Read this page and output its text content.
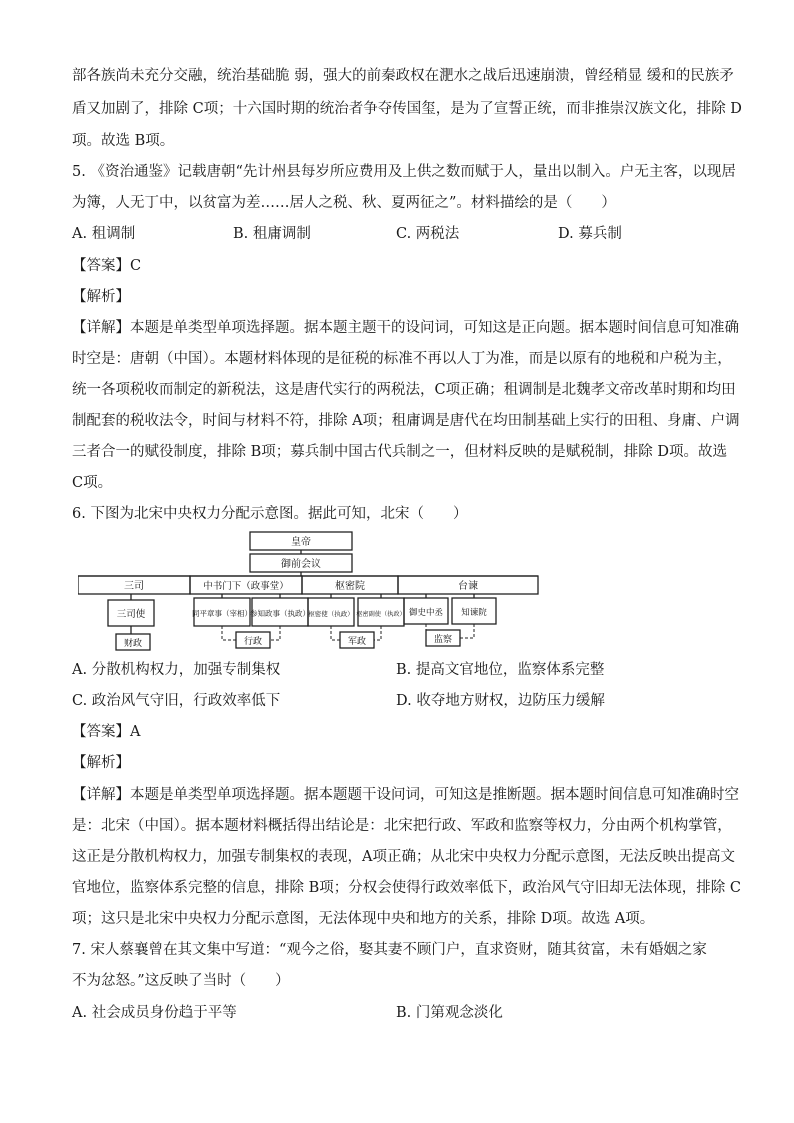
部各族尚未充分交融，统治基础脆 弱，强大的前秦政权在淝水之战后迅速崩溃，曾经稍显 缓和的民族矛
盾又加剧了，排除 C项；十六国时期的统治者争夺传国玺，是为了宣誓正统，而非推崇汉族文化，排除 D
项。故选 B项。
5. 《资治通鉴》记载唐朝“先计州县每岁所应费用及上供之数而赋于人，量出以制入。户无主客，以现居
为簿，人无丁中，以贫富为差……居人之税、秋、夏两征之”。材料描绘的是（　　）
A. 租调制	B. 租庸调制	C. 两税法	D. 募兵制
【答案】C
【解析】
【详解】本题是单类型单项选择题。据本题主题干的设问词，可知这是正向题。据本题时间信息可知准确
时空是：唐朝（中国）。本题材料体现的是征税的标准不再以人丁为准，而是以原有的地税和户税为主，
统一各项税收而制定的新税法，这是唐代实行的两税法，C项正确；租调制是北魏孝文帝改革时期和均田
制配套的税收法令，时间与材料不符，排除 A项；租庸调是唐代在均田制基础上实行的田租、身庸、户调
三者合一的赋役制度，排除 B项；募兵制中国古代兵制之一，但材料反映的是赋税制，排除 D项。故选
C项。
6. 下图为北宋中央权力分配示意图。据此可知，北宋（　　）
皇帝
御前会议
三司	中书门下（政事堂）	枢密院	台谏
三司使	同平章事（宰相）
参知政事（执政）
枢密使（执政） 枢密副使（执政） 御史中丞 知谏院
财政	行政	军政	监察
A. 分散机构权力，加强专制集权	B. 提高文官地位，监察体系完整
C. 政治风气守旧，行政效率低下	D. 收夺地方财权，边防压力缓解
【答案】A
【解析】
【详解】本题是单类型单项选择题。据本题题干设问词，可知这是推断题。据本题时间信息可知准确时空
是：北宋（中国）。据本题材料概括得出结论是：北宋把行政、军政和监察等权力，分由两个机构掌管，
这正是分散机构权力，加强专制集权的表现，A项正确；从北宋中央权力分配示意图，无法反映出提高文
官地位，监察体系完整的信息，排除 B项；分权会使得行政效率低下，政治风气守旧却无法体现，排除 C
项；这只是北宋中央权力分配示意图，无法体现中央和地方的关系，排除 D项。故选 A项。
7. 宋人蔡襄曾在其文集中写道：“观今之俗，娶其妻不顾门户，直求资财，随其贫富，未有婚姻之家
不为忿怒。”这反映了当时（　　）
A. 社会成员身份趋于平等	B. 门第观念淡化
